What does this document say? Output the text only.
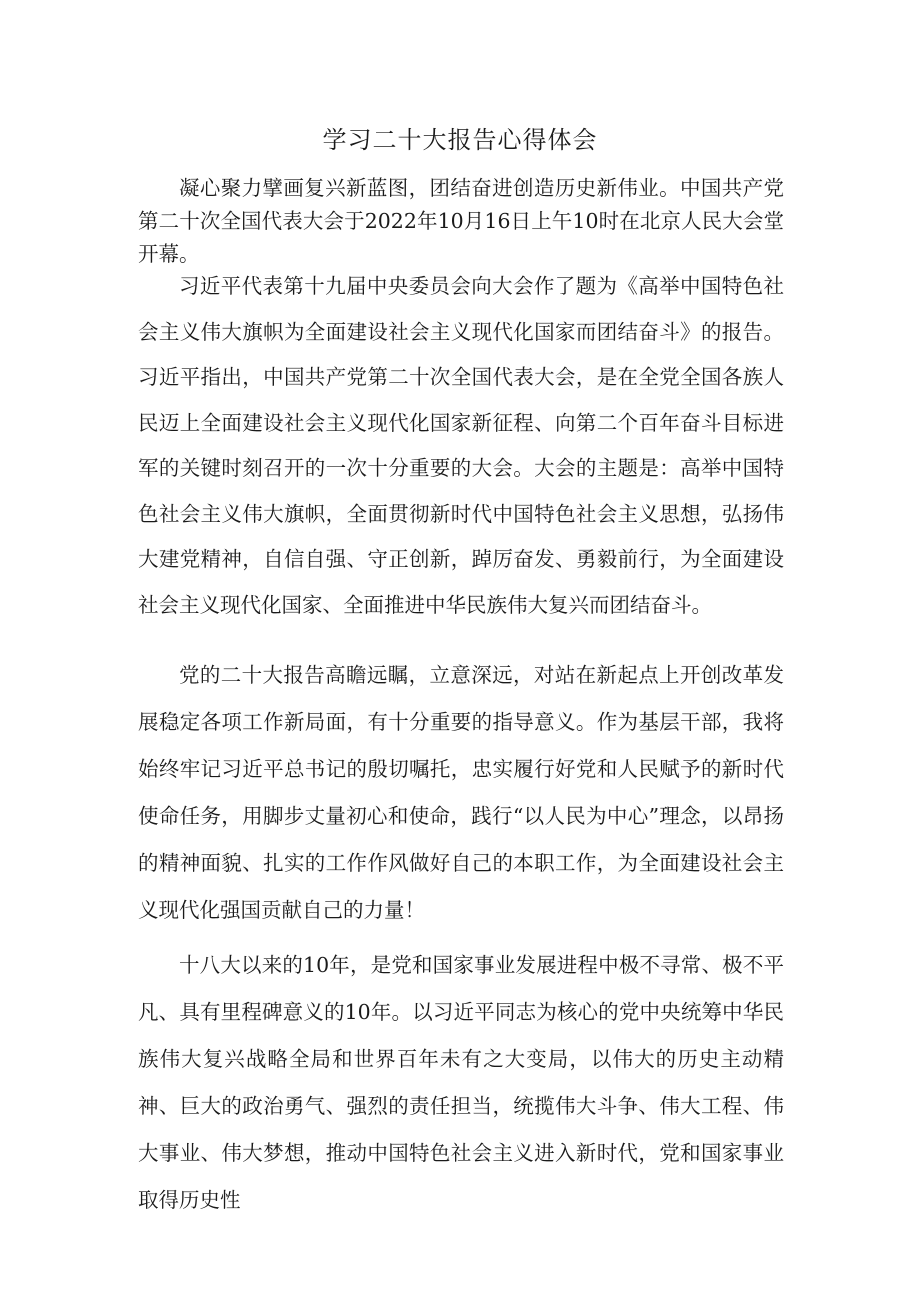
学习二十大报告心得体会

凝心聚力擘画复兴新蓝图，团结奋进创造历史新伟业。中国共产党第二十次全国代表大会于2022年10月16日上午10时在北京人民大会堂开幕。

习近平代表第十九届中央委员会向大会作了题为《高举中国特色社会主义伟大旗帜为全面建设社会主义现代化国家而团结奋斗》的报告。习近平指出，中国共产党第二十次全国代表大会，是在全党全国各族人民迈上全面建设社会主义现代化国家新征程、向第二个百年奋斗目标进军的关键时刻召开的一次十分重要的大会。大会的主题是：高举中国特色社会主义伟大旗帜，全面贯彻新时代中国特色社会主义思想，弘扬伟大建党精神，自信自强、守正创新，踔厉奋发、勇毅前行，为全面建设社会主义现代化国家、全面推进中华民族伟大复兴而团结奋斗。

党的二十大报告高瞻远瞩，立意深远，对站在新起点上开创改革发展稳定各项工作新局面，有十分重要的指导意义。作为基层干部，我将始终牢记习近平总书记的殷切嘱托，忠实履行好党和人民赋予的新时代使命任务，用脚步丈量初心和使命，践行“以人民为中心”理念，以昂扬的精神面貌、扎实的工作作风做好自己的本职工作，为全面建设社会主义现代化强国贡献自己的力量！

十八大以来的10年，是党和国家事业发展进程中极不寻常、极不平凡、具有里程碑意义的10年。以习近平同志为核心的党中央统筹中华民族伟大复兴战略全局和世界百年未有之大变局，以伟大的历史主动精神、巨大的政治勇气、强烈的责任担当，统揽伟大斗争、伟大工程、伟大事业、伟大梦想，推动中国特色社会主义进入新时代，党和国家事业取得历史性
